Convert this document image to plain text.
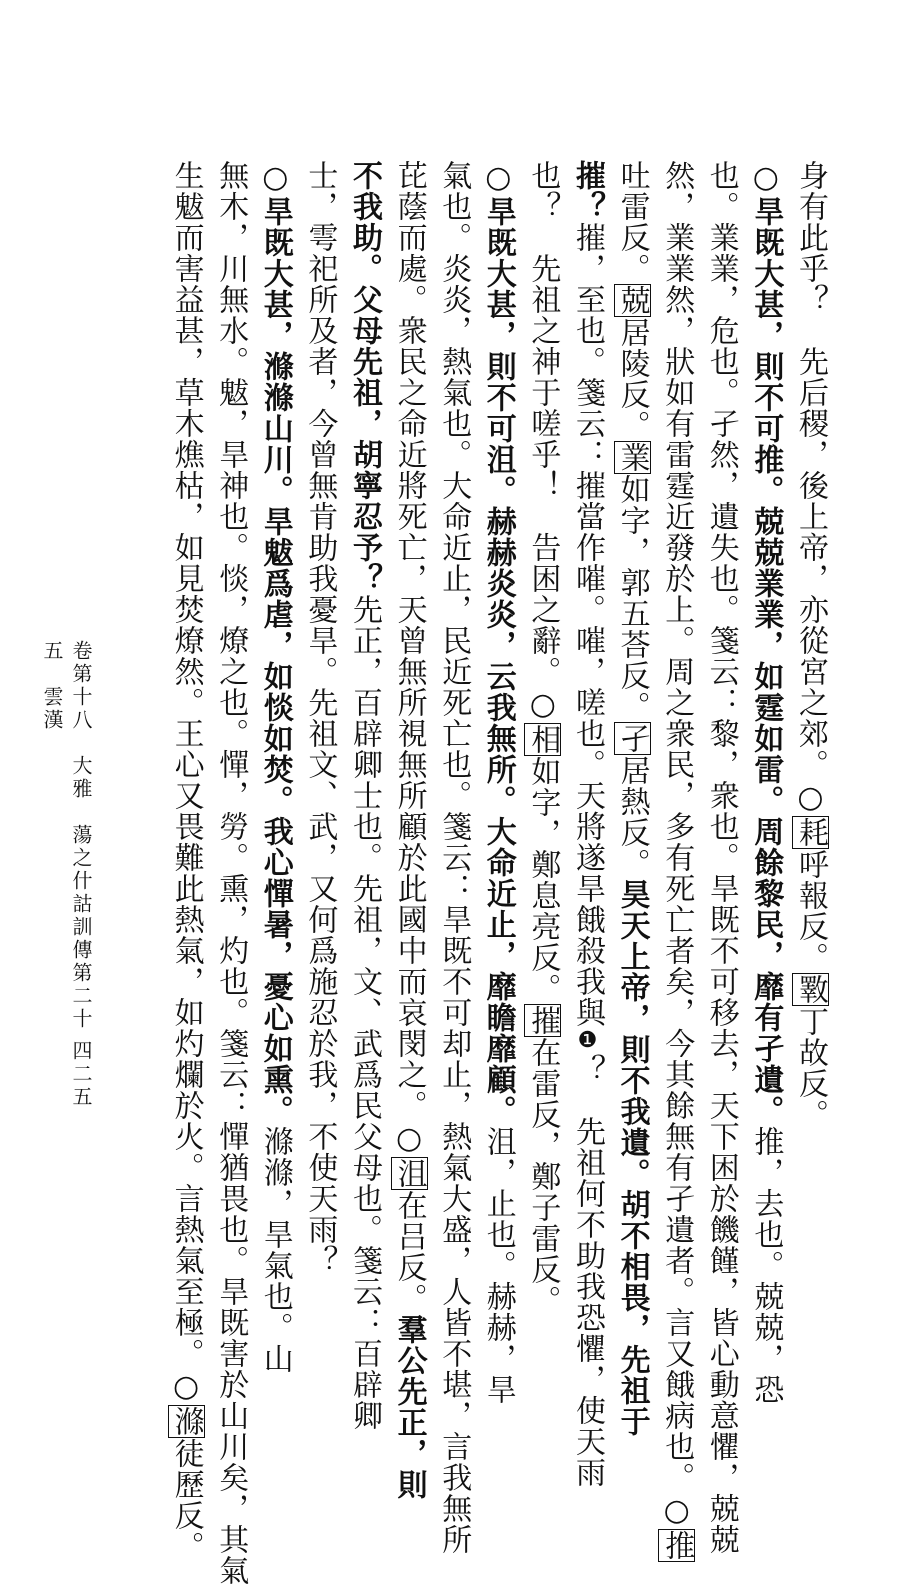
身有此乎？　先后稷，後上帝，亦從宮之郊。○耗呼報反。斁丁故反。
○旱既大甚，則不可推。兢兢業業，如霆如雷。周餘黎民，靡有孑遺。推，去也。兢兢，恐
也。業業，危也。孑然，遺失也。箋云：黎，衆也。旱既不可移去，天下困於饑饉，皆心動意懼，兢兢
然，業業然，狀如有雷霆近發於上。周之衆民，多有死亡者矣，今其餘無有孑遺者。言又餓病也。○推
吐雷反。兢居陵反。業如字，郭五荅反。孑居熱反。昊天上帝，則不我遺。胡不相畏，先祖于
摧？摧，至也。箋云：摧當作嗺。嗺，嗟也。天將遂旱餓殺我與❶？　先祖何不助我恐懼，使天雨
也？　先祖之神于嗟乎！　告困之辭。○相如字，鄭息亮反。摧在雷反，鄭子雷反。
○旱既大甚，則不可沮。赫赫炎炎，云我無所。大命近止，靡瞻靡顧。沮，止也。赫赫，旱
氣也。炎炎，熱氣也。大命近止，民近死亡也。箋云：旱既不可却止，熱氣大盛，人皆不堪，言我無所
芘蔭而處。衆民之命近將死亡，天曾無所視無所顧於此國中而哀閔之。○沮在吕反。羣公先正，則
不我助。父母先祖，胡寧忍予？先正，百辟卿士也。先祖，文、武爲民父母也。箋云：百辟卿
士，雩祀所及者，今曾無肯助我憂旱。先祖文、武，又何爲施忍於我，不使天雨？
○旱既大甚，滌滌山川。旱魃爲虐，如惔如焚。我心憚暑，憂心如熏。滌滌，旱氣也。山
無木，川無水。魃，旱神也。惔，燎之也。憚，勞。熏，灼也。箋云：憚猶畏也。旱既害於山川矣，其氣
生魃而害益甚，草木燋枯，如見焚燎然。王心又畏難此熱氣，如灼爛於火。言熱氣至極。○滌徒歷反。
卷第十八　大雅　蕩之什詁訓傳第二十五　雲漢
四二五
